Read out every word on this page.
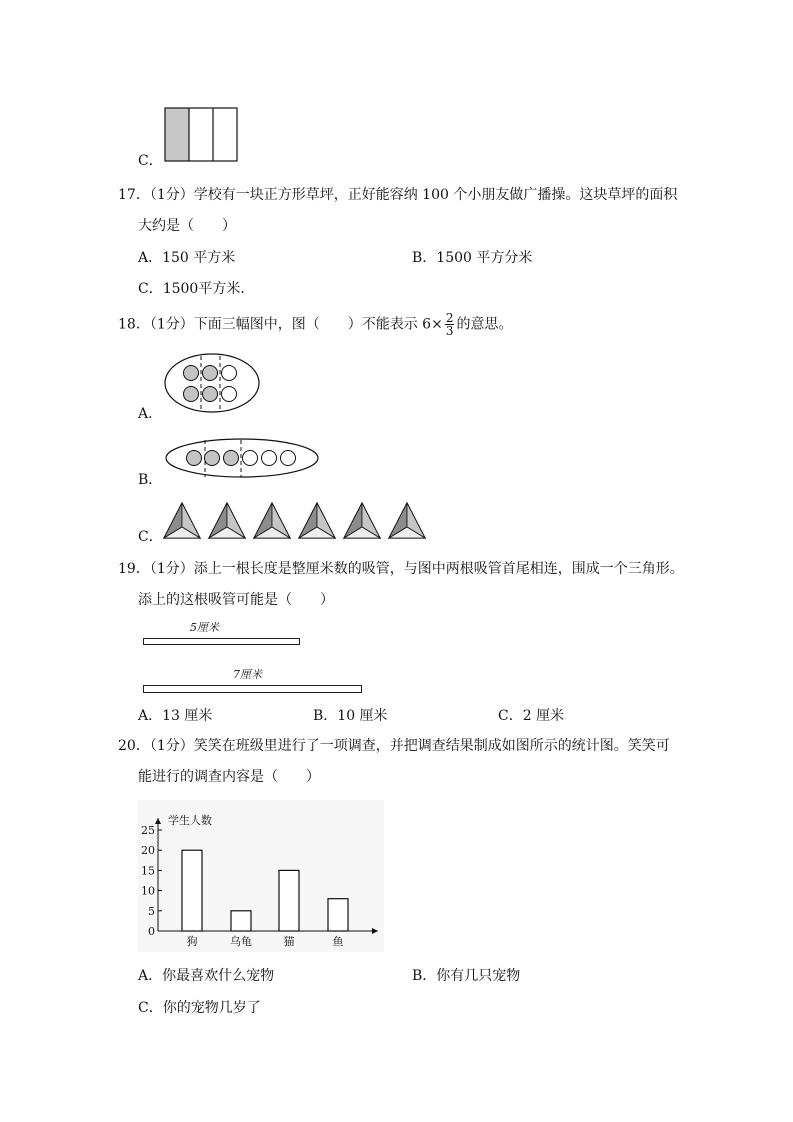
C．
17．（1分）学校有一块正方形草坪，正好能容纳 100 个小朋友做广播操。这块草坪的面积
大约是（　　）
A．150 平方米	B．1500 平方分米
C．1500平方米.
18．（1分）下面三幅图中，图（　　）不能表示 $6\times \frac{2}{3}$ 的意思。
A．
B．
C．
19．（1分）添上一根长度是整厘米数的吸管，与图中两根吸管首尾相连，围成一个三角形。
添上的这根吸管可能是（　　）
5厘米
7厘米
A．13 厘米	B．10 厘米	C．2 厘米
20．（1分）笑笑在班级里进行了一项调查，并把调查结果制成如图所示的统计图。笑笑可
能进行的调查内容是（　　）
学生人数
0
5
10
15
20
25
狗	乌龟	猫	鱼
A．你最喜欢什么宠物	B．你有几只宠物
C．你的宠物几岁了
